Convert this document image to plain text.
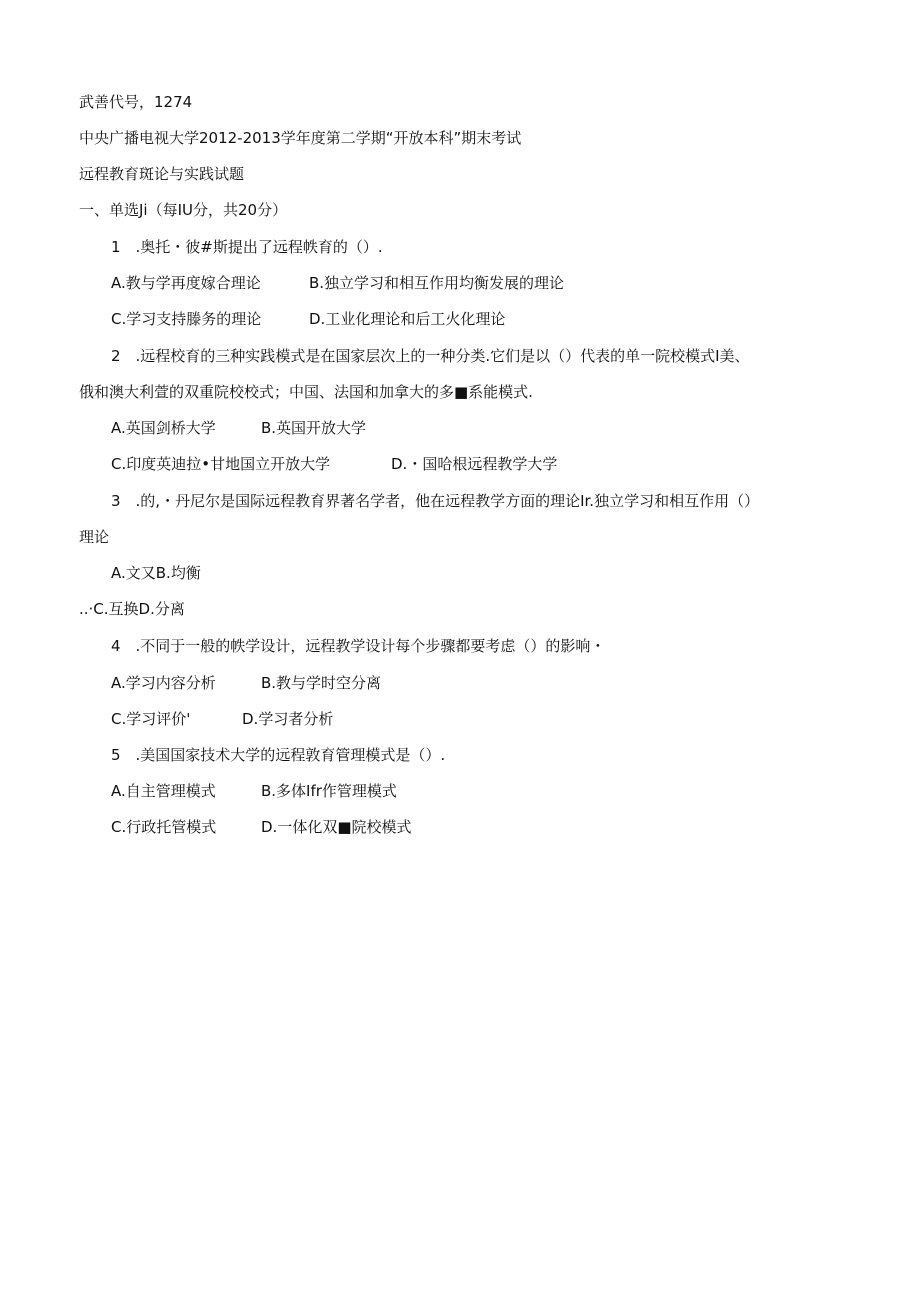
武善代号，1274
中央广播电视大学2012-2013学年度第二学期“开放本科”期末考试
远程教育斑论与实践试题
一、单选Ji（每IU分，共20分）
1　.奥托・彼#斯提出了远程帙育的（）.
A.教与学再度嫁合理论	B.独立学习和相互作用均衡发展的理论
C.学习支持滕务的理论	D.工业化理论和后工火化理论
2　.远程校育的三种实践模式是在国家层次上的一种分类.它们是以（）代表的单一院校模式I美、
俄和澳大利萱的双重院校校式；中国、法国和加拿大的多■系能模式.
A.英国剑桥大学	B.英国开放大学
C.印度英迪拉•甘地国立开放大学	D.・国哈根远程教学大学
3　.的,・丹尼尔是国际远程教育界著名学者，他在远程教学方面的理论Ir.独立学习和相互作用（）
理论
A.文又B.均衡
..·C.互换D.分离
4　.不同于一般的帙学设计，远程教学设计每个步骤都要考虑（）的影响・
A.学习内容分析	B.教与学时空分离
C.学习评价'	D.学习者分析
5　.美国国家技术大学的远程敦育管理模式是（）.
A.自主管理模式	B.多体Ifr作管理模式
C.行政托管模式	D.一体化双■院校模式
